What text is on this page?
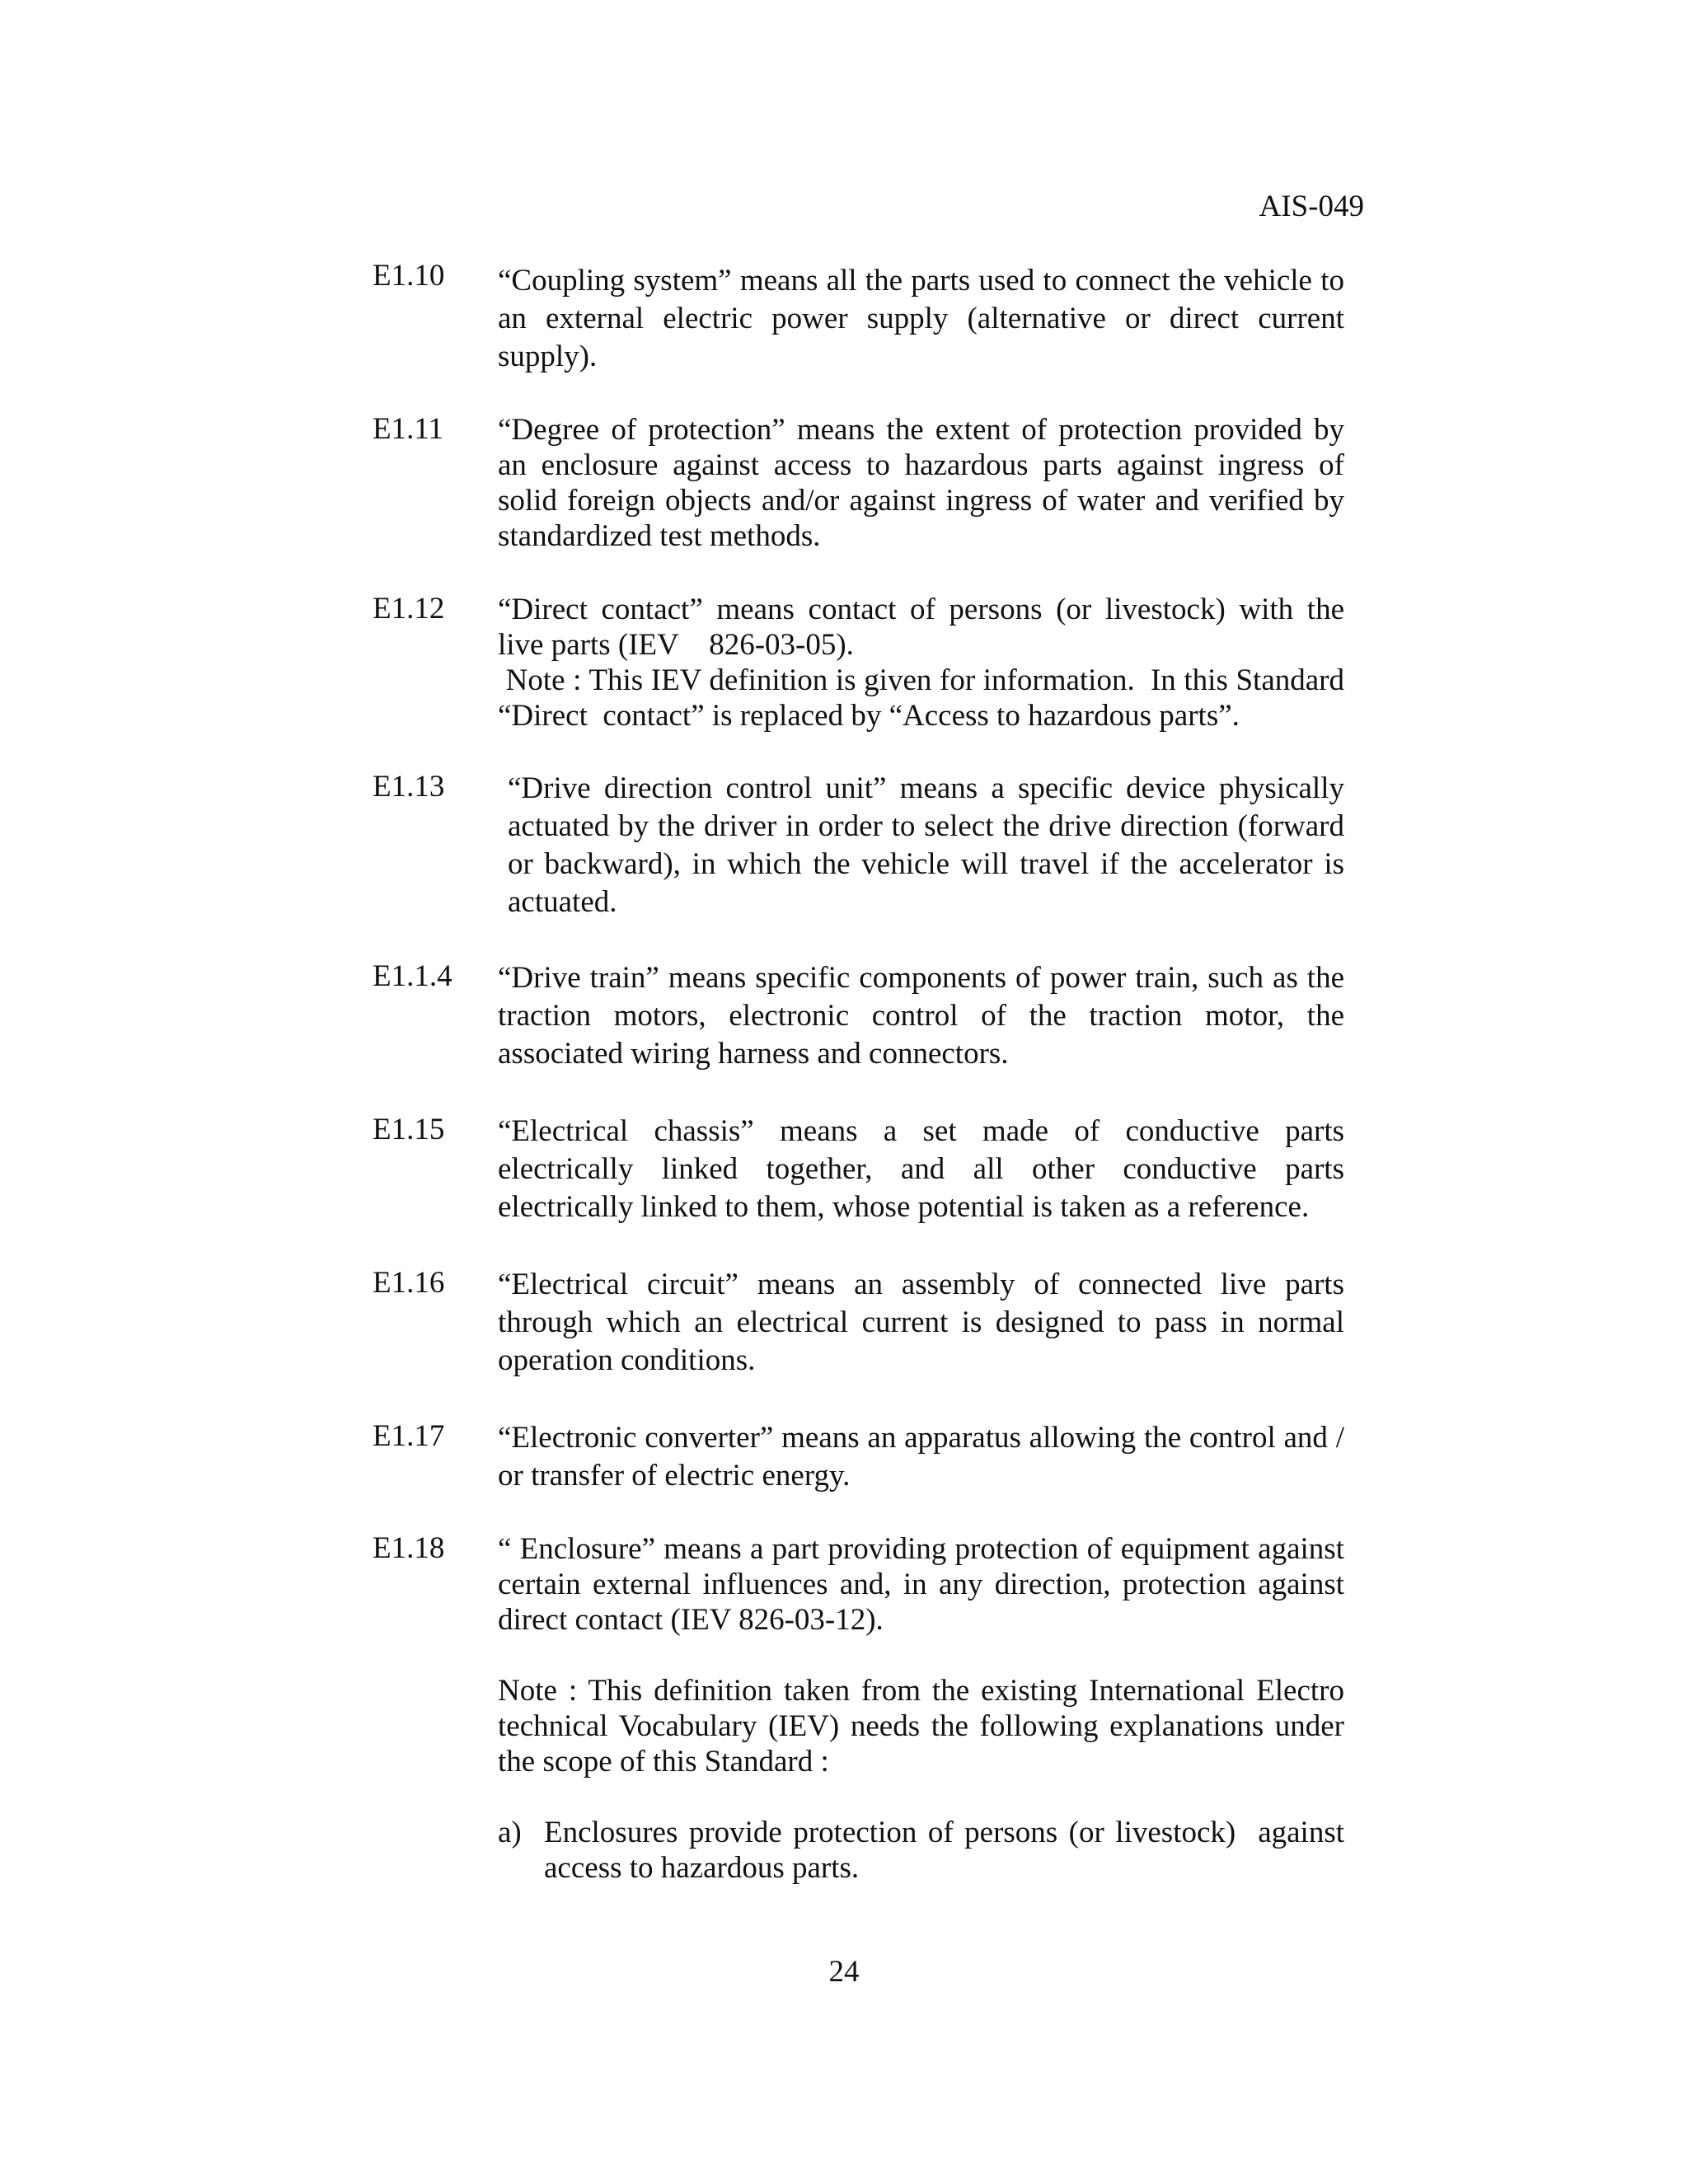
AIS-049
E1.10 “Coupling system” means all the parts used to connect the vehicle to
an external electric power supply (alternative or direct current
supply).
E1.11 “Degree of protection” means the extent of protection provided by
an enclosure against access to hazardous parts against ingress of
solid foreign objects and/or against ingress of water and verified by
standardized test methods.
E1.12 “Direct contact” means contact of persons (or livestock) with the
live parts (IEV    826-03-05).
Note : This IEV definition is given for information.  In this Standard
“Direct  contact” is replaced by “Access to hazardous parts”.
E1.13 “Drive direction control unit” means a specific device physically
actuated by the driver in order to select the drive direction (forward
or backward), in which the vehicle will travel if the accelerator is
actuated.
E1.1.4 “Drive train” means specific components of power train, such as the
traction motors, electronic control of the traction motor, the
associated wiring harness and connectors.
E1.15 “Electrical chassis” means a set made of conductive parts
electrically linked together, and all other conductive parts
electrically linked to them, whose potential is taken as a reference.
E1.16 “Electrical circuit” means an assembly of connected live parts
through which an electrical current is designed to pass in normal
operation conditions.
E1.17 “Electronic converter” means an apparatus allowing the control and /
or transfer of electric energy.
E1.18 “ Enclosure” means a part providing protection of equipment against
certain external influences and, in any direction, protection against
direct contact (IEV 826-03-12).
Note : This definition taken from the existing International Electro
technical Vocabulary (IEV) needs the following explanations under
the scope of this Standard :
a) Enclosures provide protection of persons (or livestock)  against
access to hazardous parts.
24
